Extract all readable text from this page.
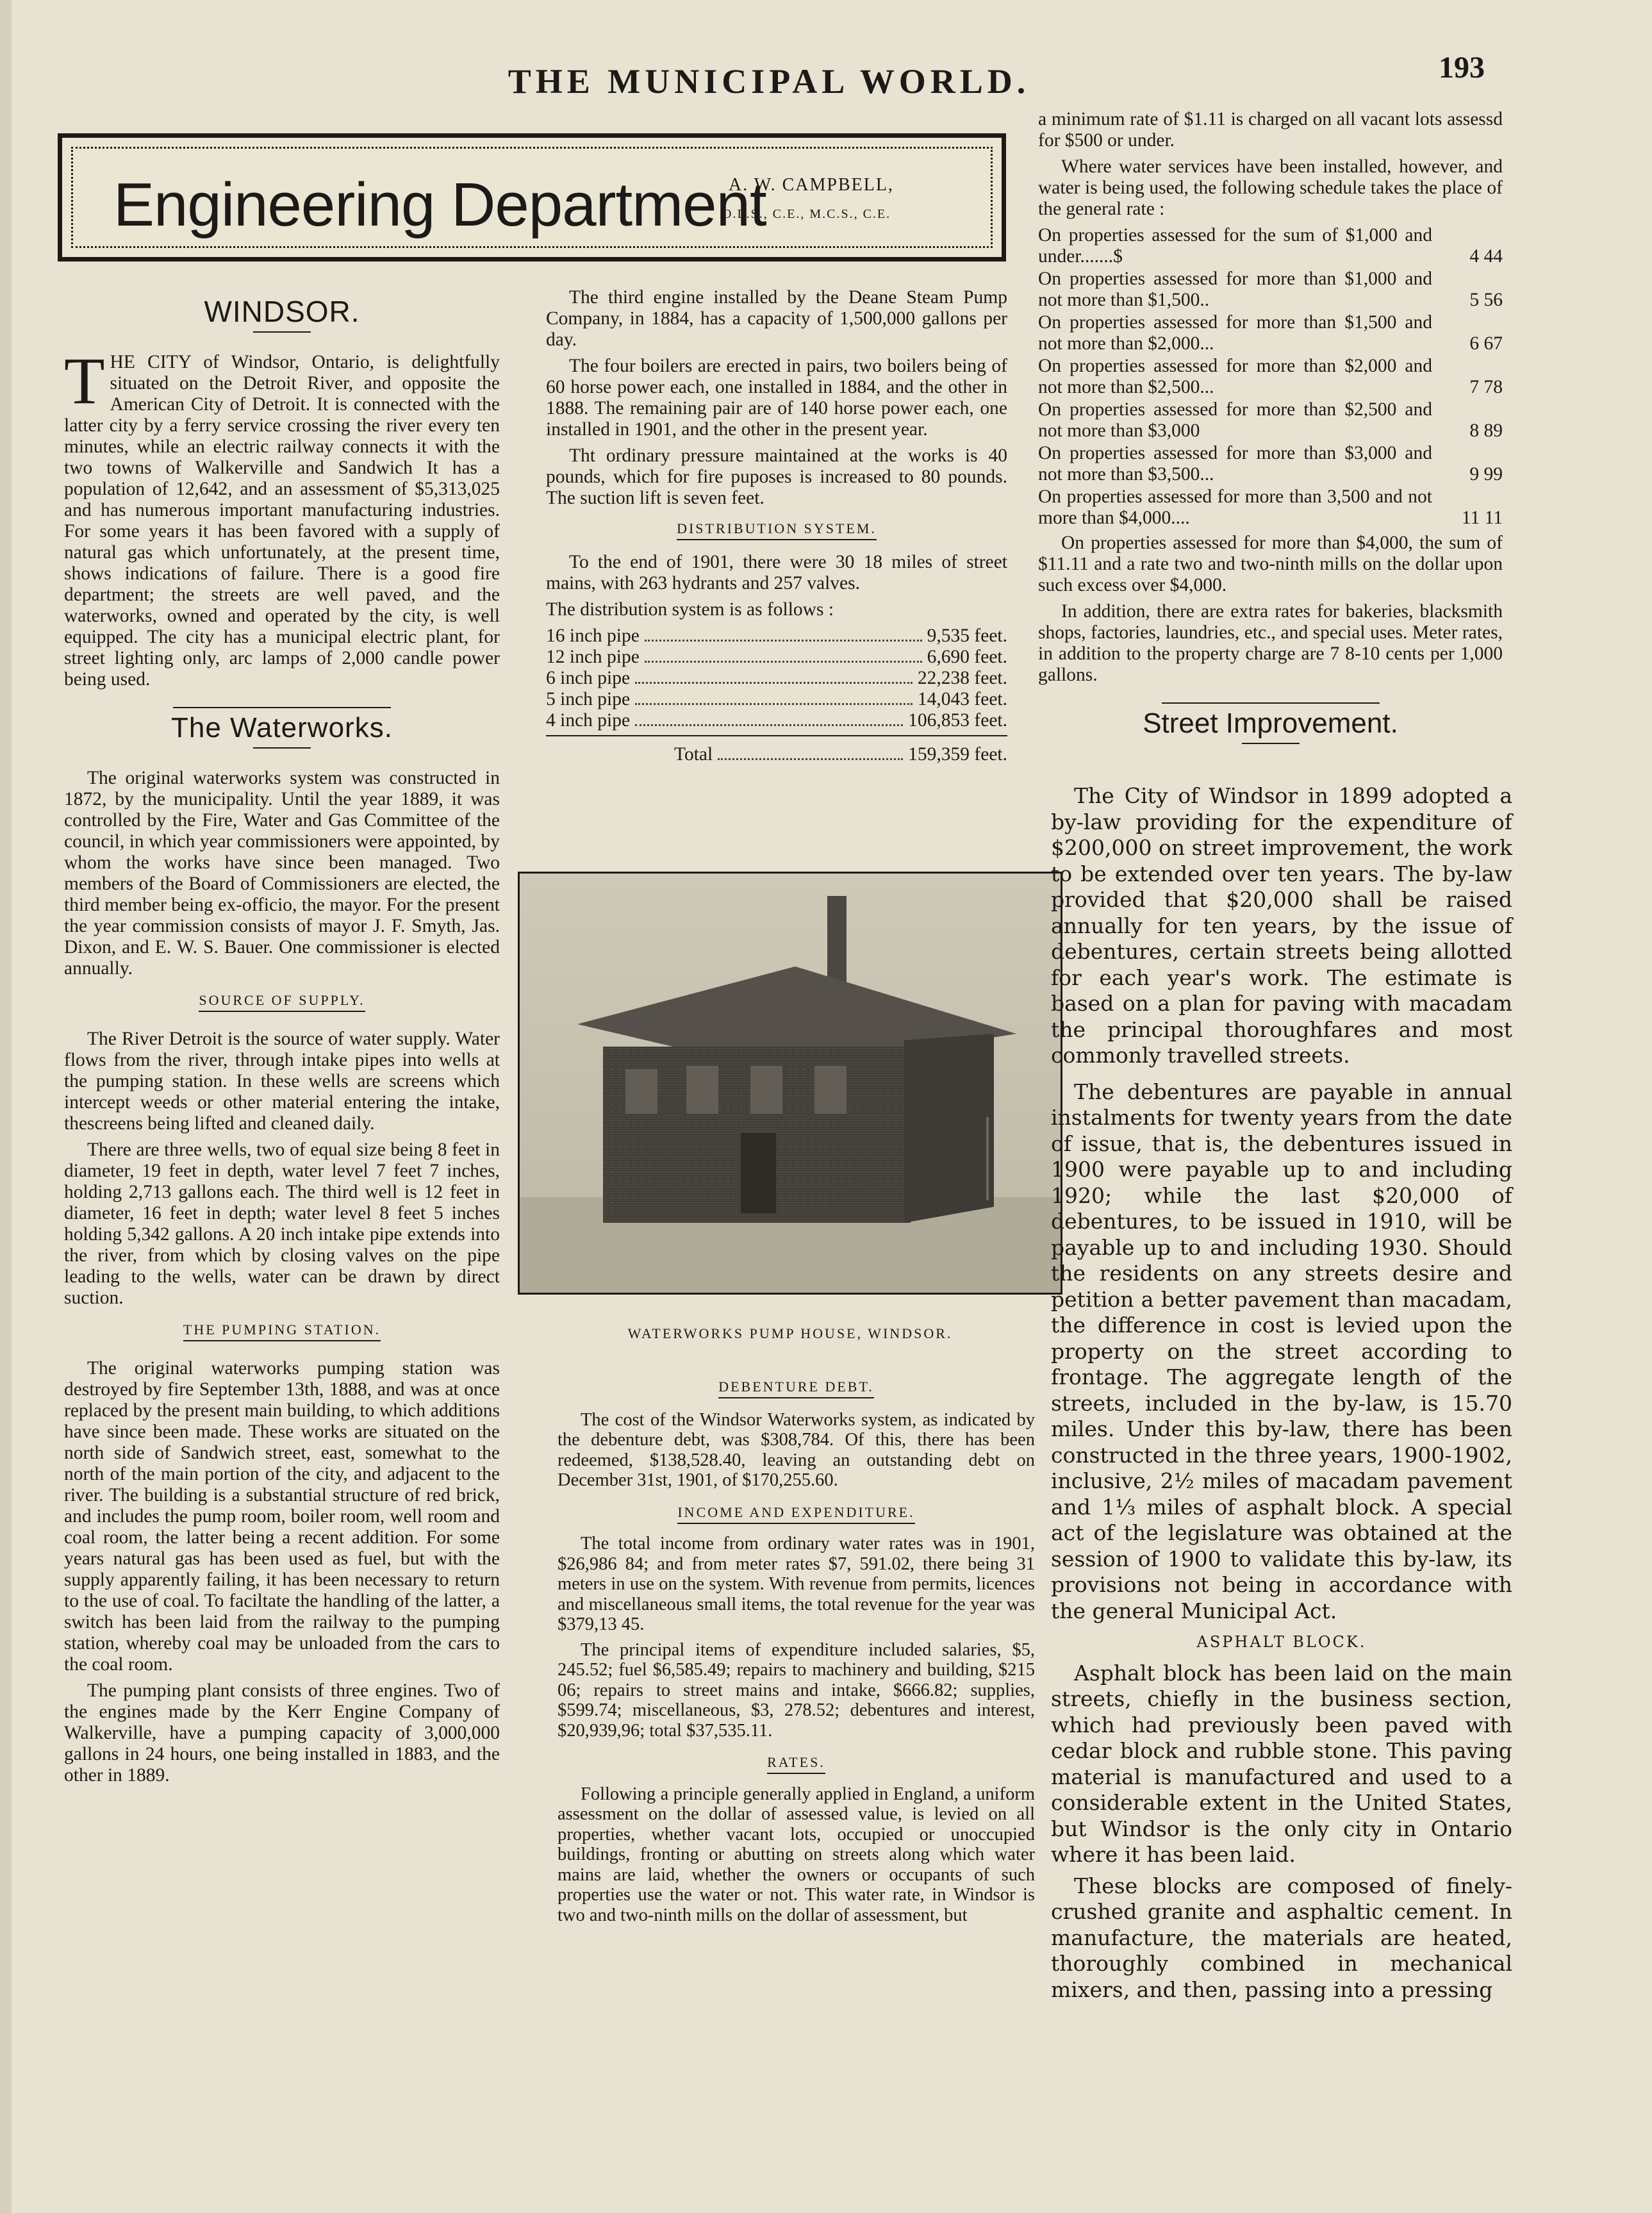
THE MUNICIPAL WORLD.	193
Engineering Department
A. W. CAMPBELL,
O.L.S., C.E., M.C.S., C.E.
WINDSOR.

THE CITY of Windsor, Ontario, is delightfully situated on the Detroit River, and opposite the American City of Detroit. It is connected with the latter city by a ferry service crossing the river every ten minutes, while an electric railway connects it with the two towns of Walkerville and Sandwich It has a population of 12,642, and an assessment of $5,313,025 and has numerous important manufacturing industries. For some years it has been favored with a supply of natural gas which unfortunately, at the present time, shows indications of failure. There is a good fire department; the streets are well paved, and the waterworks, owned and operated by the city, is well equipped. The city has a municipal electric plant, for street lighting only, arc lamps of 2,000 candle power being used.

The Waterworks.

The original waterworks system was constructed in 1872, by the municipality. Until the year 1889, it was controlled by the Fire, Water and Gas Committee of the council, in which year commissioners were appointed, by whom the works have since been managed. Two members of the Board of Commissioners are elected, the third member being ex-officio, the mayor. For the present the year commission consists of mayor J. F. Smyth, Jas. Dixon, and E. W. S. Bauer. One commissioner is elected annually.

SOURCE OF SUPPLY.

The River Detroit is the source of water supply. Water flows from the river, through intake pipes into wells at the pumping station. In these wells are screens which intercept weeds or other material entering the intake, thescreens being lifted and cleaned daily.

There are three wells, two of equal size being 8 feet in diameter, 19 feet in depth, water level 7 feet 7 inches, holding 2,713 gallons each. The third well is 12 feet in diameter, 16 feet in depth; water level 8 feet 5 inches holding 5,342 gallons. A 20 inch intake pipe extends into the river, from which by closing valves on the pipe leading to the wells, water can be drawn by direct suction.

THE PUMPING STATION.

The original waterworks pumping station was destroyed by fire September 13th, 1888, and was at once replaced by the present main building, to which additions have since been made. These works are situated on the north side of Sandwich street, east, somewhat to the north of the main portion of the city, and adjacent to the river. The building is a substantial structure of red brick, and includes the pump room, boiler room, well room and coal room, the latter being a recent addition. For some years natural gas has been used as fuel, but with the supply apparently failing, it has been necessary to return to the use of coal. To faciltate the handling of the latter, a switch has been laid from the railway to the pumping station, whereby coal may be unloaded from the cars to the coal room.

The pumping plant consists of three engines. Two of the engines made by the Kerr Engine Company of Walkerville, have a pumping capacity of 3,000,000 gallons in 24 hours, one being installed in 1883, and the other in 1889.

The third engine installed by the Deane Steam Pump Company, in 1884, has a capacity of 1,500,000 gallons per day.

The four boilers are erected in pairs, two boilers being of 60 horse power each, one installed in 1884, and the other in 1888. The remaining pair are of 140 horse power each, one installed in 1901, and the other in the present year.

Tht ordinary pressure maintained at the works is 40 pounds, which for fire puposes is increased to 80 pounds. The suction lift is seven feet.

DISTRIBUTION SYSTEM.

To the end of 1901, there were 30 18 miles of street mains, with 263 hydrants and 257 valves.

The distribution system is as follows :

16 inch pipe	9,535 feet.
12 inch pipe	6,690 feet.
6 inch pipe	22,238 feet.
5 inch pipe	14,043 feet.
4 inch pipe	106,853 feet.
Total	159,359 feet.
WATERWORKS PUMP HOUSE, WINDSOR.
DEBENTURE DEBT.

The cost of the Windsor Waterworks system, as indicated by the debenture debt, was $308,784. Of this, there has been redeemed, $138,528.40, leaving an outstanding debt on December 31st, 1901, of $170,255.60.

INCOME AND EXPENDITURE.

The total income from ordinary water rates was in 1901, $26,986 84; and from meter rates $7, 591.02, there being 31 meters in use on the system. With revenue from permits, licences and miscellaneous small items, the total revenue for the year was $379,13 45.

The principal items of expenditure included salaries, $5, 245.52; fuel $6,585.49; repairs to machinery and building, $215 06; repairs to street mains and intake, $666.82; supplies, $599.74; miscellaneous, $3, 278.52; debentures and interest, $20,939,96; total $37,535.11.

RATES.

Following a principle generally applied in England, a uniform assessment on the dollar of assessed value, is levied on all properties, whether vacant lots, occupied or unoccupied buildings, fronting or abutting on streets along which water mains are laid, whether the owners or occupants of such properties use the water or not. This water rate, in Windsor is two and two-ninth mills on the dollar of assessment, but

a minimum rate of $1.11 is charged on all vacant lots assessd for $500 or under.

Where water services have been installed, however, and water is being used, the following schedule takes the place of the general rate :

On properties assessed for the sum of $1,000 and under.......$	4 44
On properties assessed for more than $1,000 and not more than $1,500..	5 56
On properties assessed for more than $1,500 and not more than $2,000...	6 67
On properties assessed for more than $2,000 and not more than $2,500...	7 78
On properties assessed for more than $2,500 and not more than $3,000	8 89
On properties assessed for more than $3,000 and not more than $3,500...	9 99
On properties assessed for more than 3,500 and not more than $4,000....	11 11

On properties assessed for more than $4,000, the sum of $11.11 and a rate two and two-ninth mills on the dollar upon such excess over $4,000.

In addition, there are extra rates for bakeries, blacksmith shops, factories, laundries, etc., and special uses. Meter rates, in addition to the property charge are 7 8-10 cents per 1,000 gallons.

Street Improvement.

The City of Windsor in 1899 adopted a by-law providing for the expenditure of $200,000 on street improvement, the work to be extended over ten years. The by-law provided that $20,000 shall be raised annually for ten years, by the issue of debentures, certain streets being allotted for each year's work. The estimate is based on a plan for paving with macadam the principal thoroughfares and most commonly travelled streets.

The debentures are payable in annual instalments for twenty years from the date of issue, that is, the debentures issued in 1900 were payable up to and including 1920; while the last $20,000 of debentures, to be issued in 1910, will be payable up to and including 1930. Should the residents on any streets desire and petition a better pavement than macadam, the difference in cost is levied upon the property on the street according to frontage. The aggregate length of the streets, included in the by-law, is 15.70 miles. Under this by-law, there has been constructed in the three years, 1900-1902, inclusive, 2½ miles of macadam pavement and 1⅓ miles of asphalt block. A special act of the legislature was obtained at the session of 1900 to validate this by-law, its provisions not being in accordance with the general Municipal Act.

ASPHALT BLOCK.

Asphalt block has been laid on the main streets, chiefly in the business section, which had previously been paved with cedar block and rubble stone. This paving material is manufactured and used to a considerable extent in the United States, but Windsor is the only city in Ontario where it has been laid.

These blocks are composed of finely-crushed granite and asphaltic cement. In manufacture, the materials are heated, thoroughly combined in mechanical mixers, and then, passing into a pressing
